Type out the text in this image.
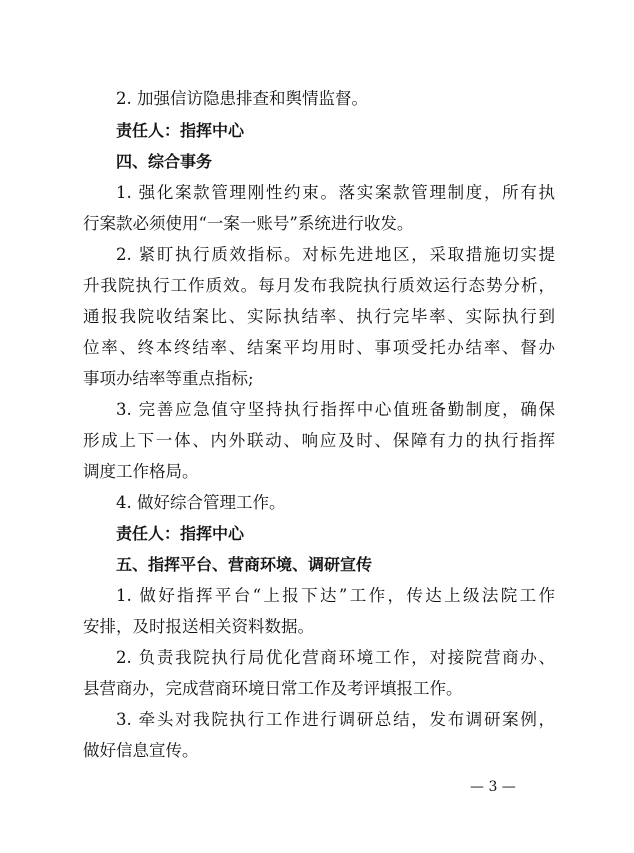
2. 加强信访隐患排查和舆情监督。
责任人：指挥中心
四、综合事务
1. 强化案款管理刚性约束。落实案款管理制度，所有执
行案款必须使用“一案一账号”系统进行收发。
2. 紧盯执行质效指标。对标先进地区，采取措施切实提
升我院执行工作质效。每月发布我院执行质效运行态势分析，
通报我院收结案比、实际执结率、执行完毕率、实际执行到
位率、终本终结率、结案平均用时、事项受托办结率、督办
事项办结率等重点指标;
3. 完善应急值守坚持执行指挥中心值班备勤制度，确保
形成上下一体、内外联动、响应及时、保障有力的执行指挥
调度工作格局。
4. 做好综合管理工作。
责任人：指挥中心
五、指挥平台、营商环境、调研宣传
1. 做好指挥平台“上报下达”工作，传达上级法院工作
安排，及时报送相关资料数据。
2. 负责我院执行局优化营商环境工作，对接院营商办、
县营商办，完成营商环境日常工作及考评填报工作。
3. 牵头对我院执行工作进行调研总结，发布调研案例，
做好信息宣传。
— 3 —
